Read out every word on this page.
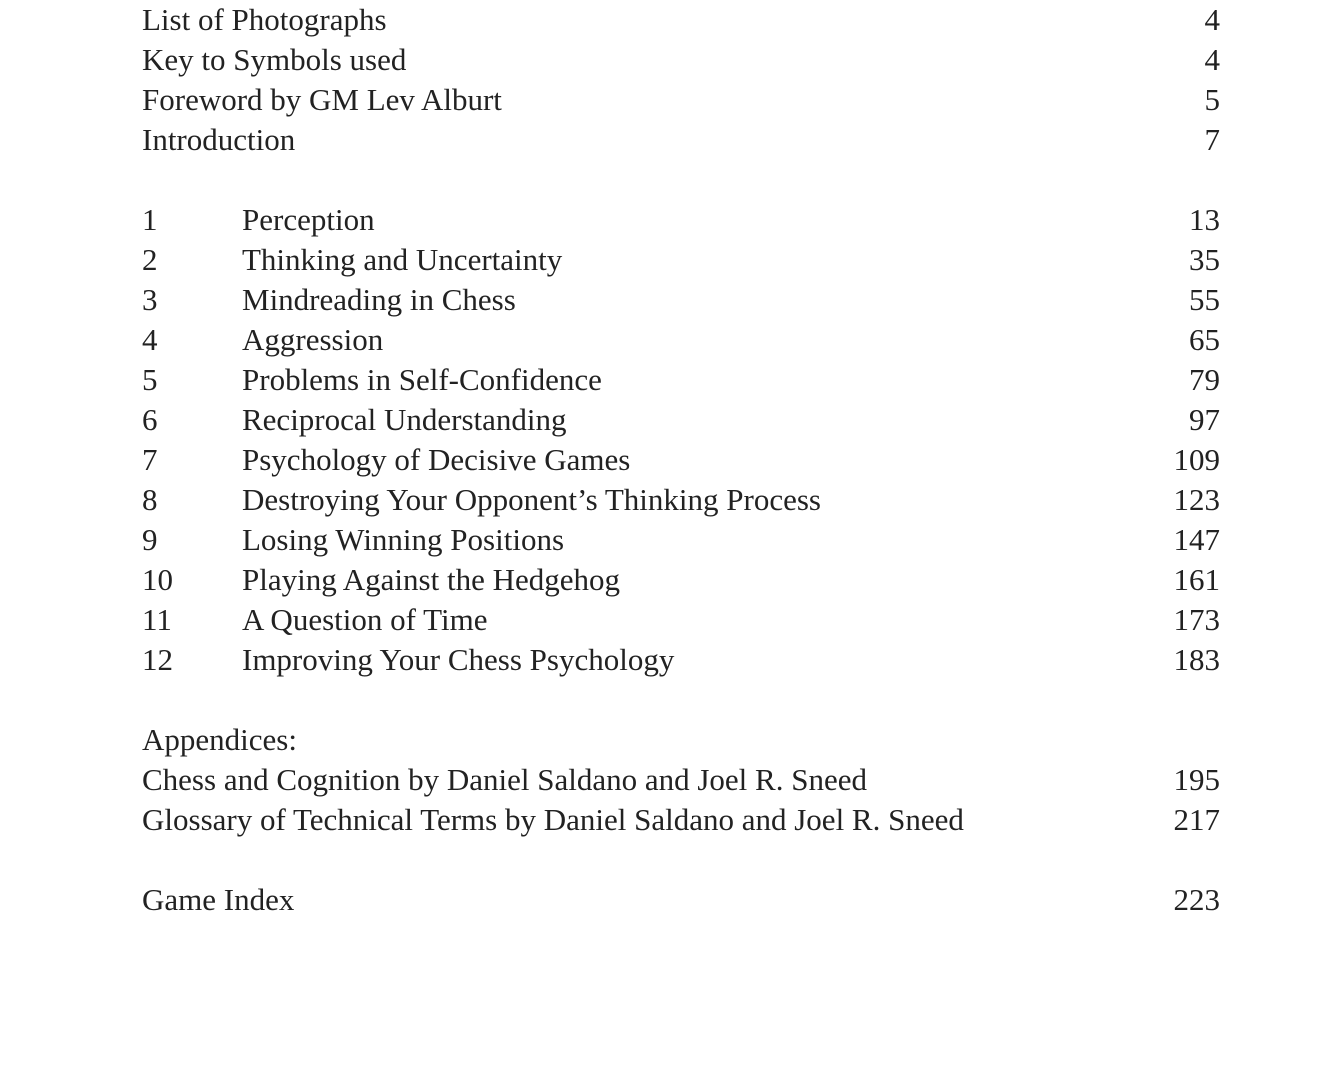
List of Photographs	4
Key to Symbols used	4
Foreword by GM Lev Alburt	5
Introduction	7
1	Perception	13
2	Thinking and Uncertainty	35
3	Mindreading in Chess	55
4	Aggression	65
5	Problems in Self-Confidence	79
6	Reciprocal Understanding	97
7	Psychology of Decisive Games	109
8	Destroying Your Opponent’s Thinking Process	123
9	Losing Winning Positions	147
10 Playing Against the Hedgehog	161
11 A Question of Time	173
12 Improving Your Chess Psychology	183
Appendices:
Chess and Cognition by Daniel Saldano and Joel R. Sneed	195
Glossary of Technical Terms by Daniel Saldano and Joel R. Sneed	217
Game Index	223
